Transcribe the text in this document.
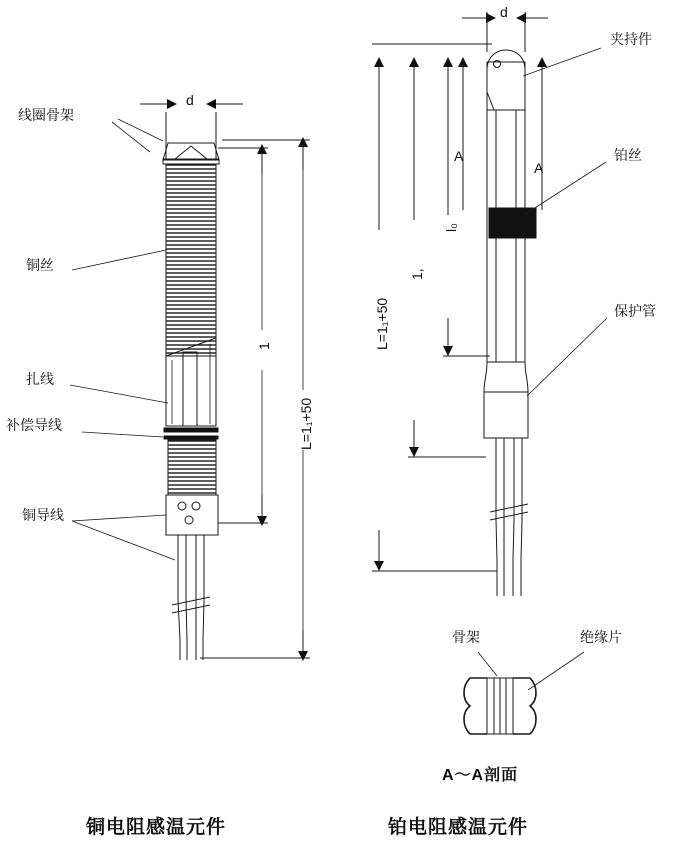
线圈骨架
铜丝
扎线
补偿导线
铜导线
d
1
L=1₁+50
夹持件
铂丝
保护管
d
A
A
l₀
1,
L=1₁+50
骨架	绝缘片
A～A剖面
铜电阻感温元件	铂电阻感温元件
